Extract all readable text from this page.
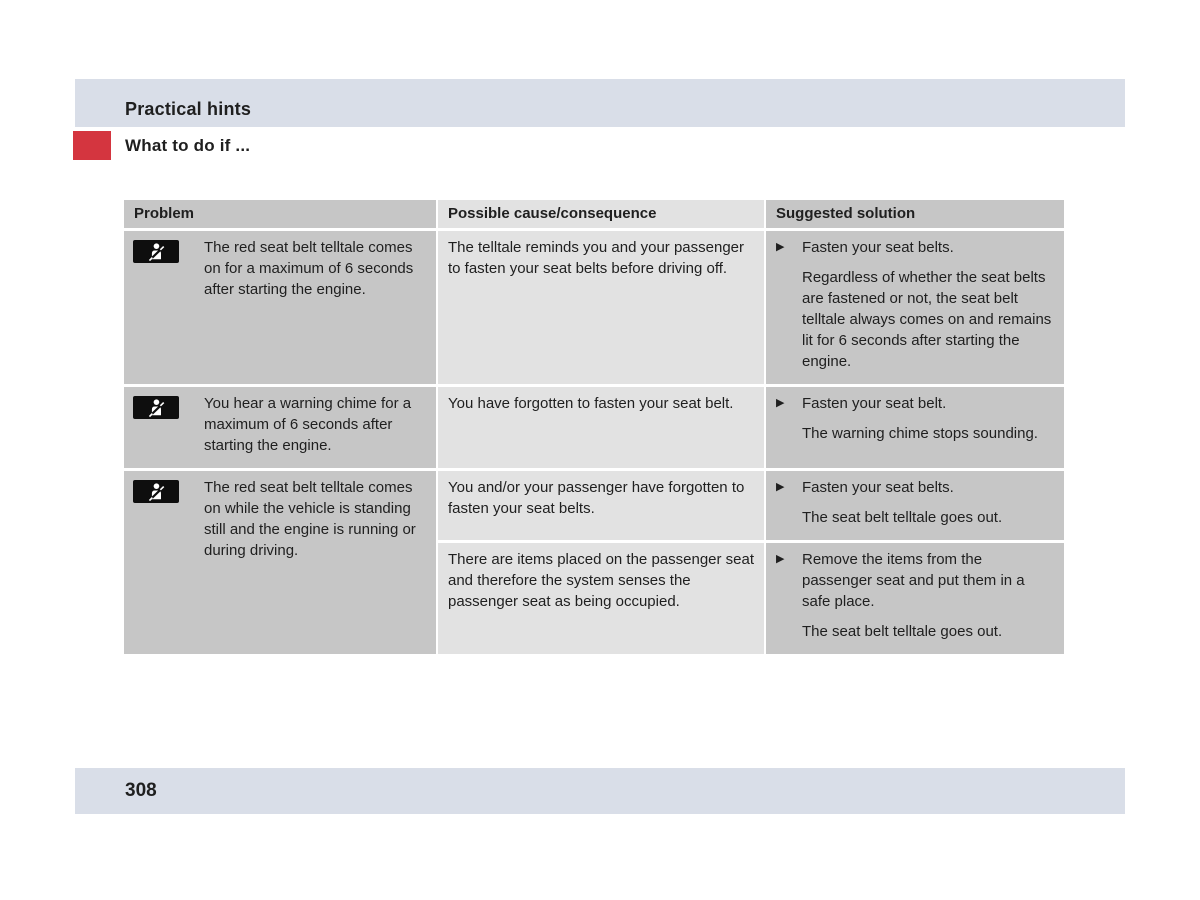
Practical hints
What to do if ...
Problem	Possible cause/consequence	Suggested solution

The red seat belt telltale comes on for a maximum of 6 seconds after starting the engine.	The telltale reminds you and your passenger to fasten your seat belts before driving off.	▶ Fasten your seat belts.
Regardless of whether the seat belts are fastened or not, the seat belt telltale always comes on and remains lit for 6 seconds after starting the engine.

You hear a warning chime for a maximum of 6 seconds after starting the engine.	You have forgotten to fasten your seat belt.	▶ Fasten your seat belt.
The warning chime stops sounding.

The red seat belt telltale comes on while the vehicle is standing still and the engine is running or during driving.	You and/or your passenger have forgotten to fasten your seat belts.	▶ Fasten your seat belts.
The seat belt telltale goes out.

	There are items placed on the passenger seat and therefore the system senses the passenger seat as being occupied.	▶ Remove the items from the passenger seat and put them in a safe place.
The seat belt telltale goes out.
308
